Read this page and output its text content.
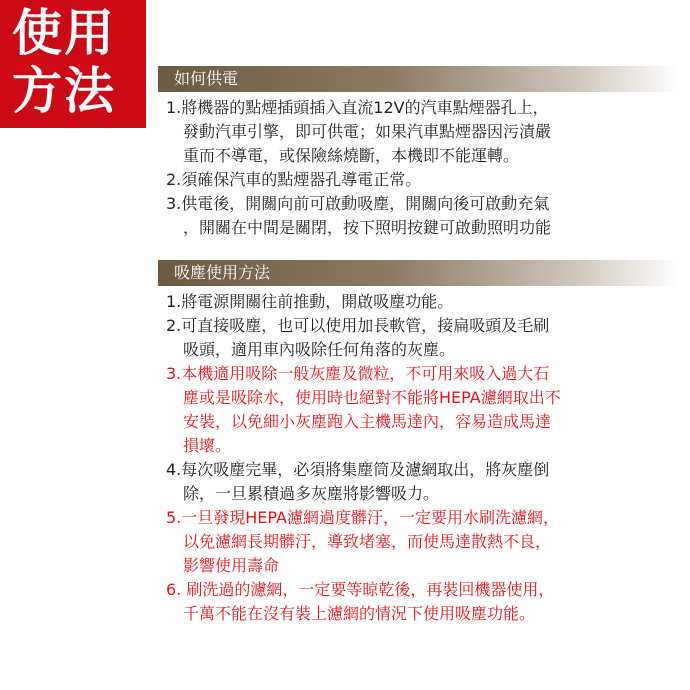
使用
方法	如何供電

1.將機器的點煙插頭插入直流12V的汽車點煙器孔上，
發動汽車引擎，即可供電；如果汽車點煙器因污漬嚴
重而不導電，或保險絲燒斷，本機即不能運轉。

2.須確保汽車的點煙器孔導電正常。

3.供電後，開關向前可啟動吸塵，開關向後可啟動充氣
，開關在中間是關閉，按下照明按鍵可啟動照明功能

吸塵使用方法

1.將電源開關往前推動，開啟吸塵功能。

2.可直接吸塵，也可以使用加長軟管，接扁吸頭及毛刷
吸頭，適用車內吸除任何角落的灰塵。

3.本機適用吸除一般灰塵及微粒，不可用來吸入過大石
塵或是吸除水，使用時也絕對不能將HEPA濾網取出不
安裝，以免細小灰塵跑入主機馬達內，容易造成馬達
損壞。

4.每次吸塵完畢，必須將集塵筒及濾網取出，將灰塵倒
除，一旦累積過多灰塵將影響吸力。

5.一旦發現HEPA濾網過度髒汙，一定要用水刷洗濾網，
以免濾網長期髒汙，導致堵塞，而使馬達散熱不良，
影響使用壽命

6. 刷洗過的濾網，一定要等晾乾後，再裝回機器使用，
千萬不能在沒有裝上濾網的情況下使用吸塵功能。
